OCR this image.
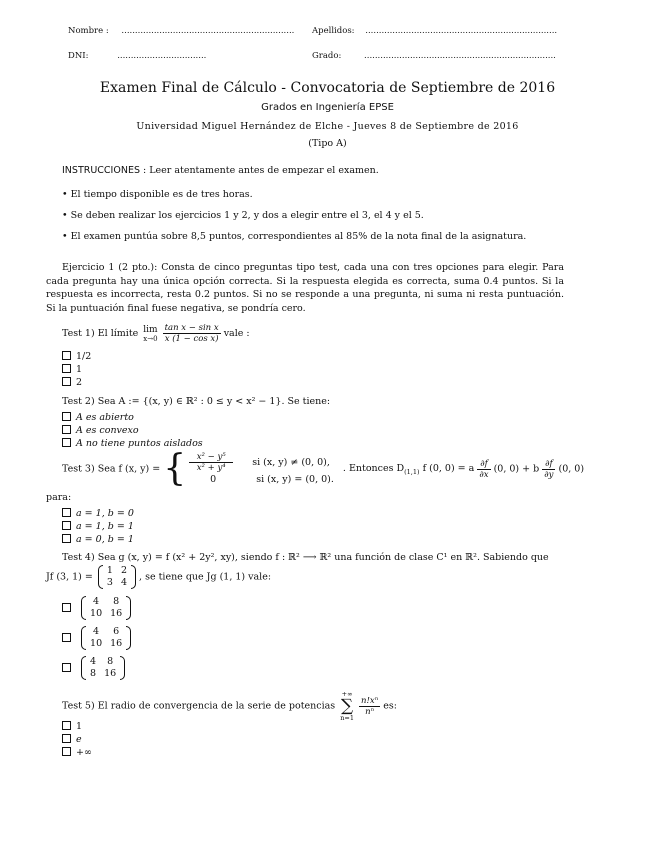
Nombre : ................................................................ Apellidos: .......................................................................
DNI:	.................................	Grado:	.......................................................................
Examen Final de Cálculo - Convocatoria de Septiembre de 2016
Grados en Ingeniería EPSE
Universidad Miguel Hernández de Elche - Jueves 8 de Septiembre de 2016
(Tipo A)
INSTRUCCIONES : Leer atentamente antes de empezar el examen.
• El tiempo disponible es de tres horas.
• Se deben realizar los ejercicios 1 y 2, y dos a elegir entre el 3, el 4 y el 5.
• El examen puntúa sobre 8,5 puntos, correspondientes al 85% de la nota final de la asignatura.
Ejercicio 1 (2 pto.): Consta de cinco preguntas tipo test, cada una con tres opciones para elegir. Para cada pregunta hay una única opción correcta. Si la respuesta elegida es correcta, suma 0.4 puntos. Si la respuesta es incorrecta, resta 0.2 puntos. Si no se responde a una pregunta, ni suma ni resta puntuación. Si la puntuación final fuese negativa, se pondría cero.
Test 1) El límite lim
x→0
$\frac{\text{tan x − sin x}}{\text{x (1 − cos x)}}$ vale :
1/2
1
2
Test 2) Sea A := {(x, y) ∈ ℝ² : 0 ≤ y < x² − 1}. Se tiene:
A es abierto
A es convexo
A no tiene puntos aislados
Test 3) Sea f (x, y) = { $\frac{\text{x² − y⁵}}{\text{x² + y⁴}}$ si (x, y) ≠ (0, 0),
0	si (x, y) = (0, 0).
. Entonces $D_{(1,1)}$ f (0, 0) = a $\frac{\partial f}{\partial x} (0$, 0) + b $\frac{\partial f}{\partial y} (0$, 0)
para:
a = 1, b = 0
a = 1, b = 1
a = 0, b = 1
Test 4) Sea g (x, y) = f (x² + 2y², xy), siendo f : ℝ² ⟶ ℝ² una función de clase C¹ en ℝ². Sabiendo que
Jf (3, 1) =
1	2
3	4 , se tiene que Jg (1, 1) vale:

4	8
10	16

4	6
10	16

4	8
8	16
Test 5) El radio de convergencia de la serie de potencias
+∞
∑
n=1

$\frac{\text{n!xⁿ}}{\text{nⁿ}}$ es:
1
e
+∞
